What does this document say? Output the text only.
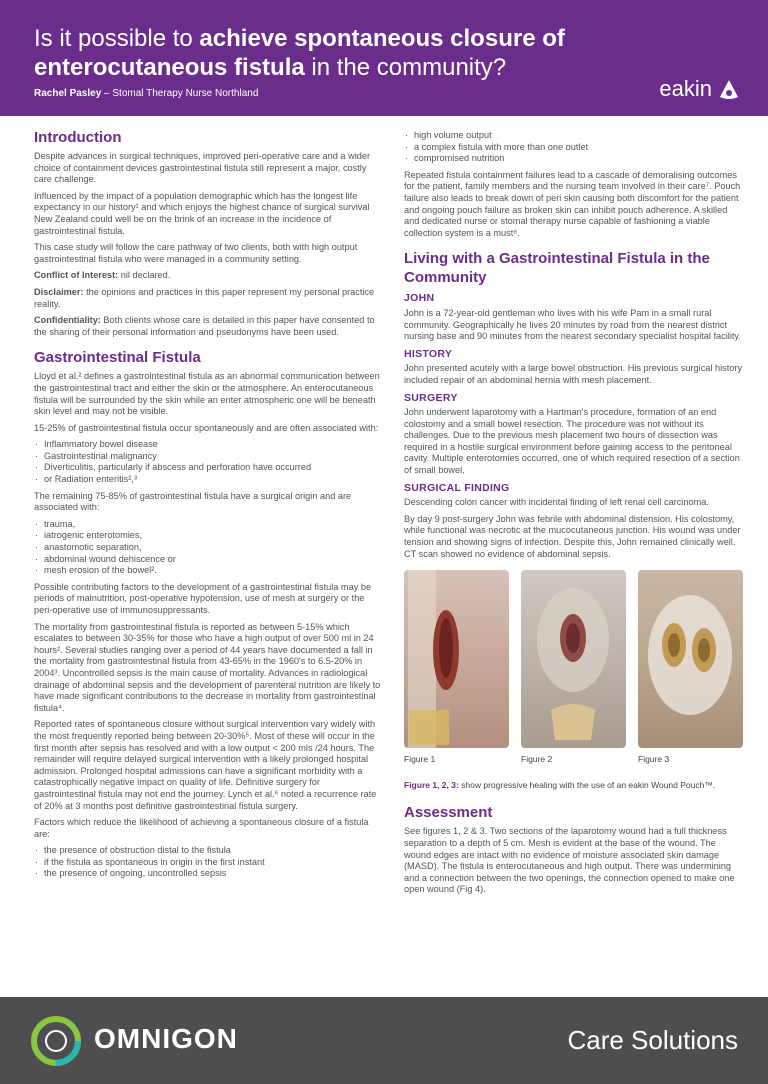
Is it possible to achieve spontaneous closure of enterocutaneous fistula in the community?
Rachel Pasley – Stomal Therapy Nurse Northland	eakin
Introduction

Despite advances in surgical techniques, improved peri-operative care and a wider choice of containment devices gastrointestinal fistula still represent a major, costly care challenge.

Influenced by the impact of a population demographic which has the longest life expectancy in our history¹ and which enjoys the highest chance of surgical survival New Zealand could well be on the brink of an increase in the incidence of gastrointestinal fistula.

This case study will follow the care pathway of two clients, both with high output gastrointestinal fistula who were managed in a community setting.

Conflict of Interest: nil declared.

Disclaimer: the opinions and practices in this paper represent my personal practice reality.

Confidentiality: Both clients whose care is detailed in this paper have consented to the sharing of their personal information and pseudonyms have been used.

Gastrointestinal Fistula

Lloyd et al.² defines a gastrointestinal fistula as an abnormal communication between the gastrointestinal tract and either the skin or the atmosphere. An enterocutaneous fistula will be surrounded by the skin while an enter atmospheric one will be beneath skin level and may not be visible.

15-25% of gastrointestinal fistula occur spontaneously and are often associated with:

· Inflammatory bowel disease
· Gastrointestinal malignancy
· Diverticulitis, particularly if abscess and perforation have occurred
· or Radiation enteritis²,³

The remaining 75-85% of gastrointestinal fistula have a surgical origin and are associated with:

· trauma,
· iatrogenic enterotomies,
· anastomotic separation,
· abdominal wound dehiscence or
· mesh erosion of the bowel².

Possible contributing factors to the development of a gastrointestinal fistula may be periods of malnutrition, post-operative hypotension, use of mesh at surgery or the peri-operative use of immunosuppressants.

The mortality from gastrointestinal fistula is reported as between 5-15% which escalates to between 30-35% for those who have a high output of over 500 ml in 24 hours². Several studies ranging over a period of 44 years have documented a fall in the mortality from gastrointestinal fistula from 43-65% in the 1960's to 6.5-20% in 2004³. Uncontrolled sepsis is the main cause of mortality. Advances in radiological drainage of abdominal sepsis and the development of parenteral nutrition are likely to have made significant contributions to the decrease in mortality from gastrointestinal fistula⁴.

Reported rates of spontaneous closure without surgical intervention vary widely with the most frequently reported being between 20-30%⁵. Most of these will occur in the first month after sepsis has resolved and with a low output < 200 mls /24 hours. The remainder will require delayed surgical intervention with a likely prolonged hospital admission. Prolonged hospital admissions can have a significant morbidity with a catastrophically negative impact on quality of life. Definitive surgery for gastrointestinal fistula may not end the journey. Lynch et al.⁶ noted a recurrence rate of 20% at 3 months post definitive gastrointestinal fistula surgery.

Factors which reduce the likelihood of achieving a spontaneous closure of a fistula are:

· the presence of obstruction distal to the fistula
· if the fistula as spontaneous in origin in the first instant
· the presence of ongoing, uncontrolled sepsis
· high volume output
· a complex fistula with more than one outlet
· compromised nutrition

Repeated fistula containment failures lead to a cascade of demoralising outcomes for the patient, family members and the nursing team involved in their care⁷. Pouch failure also leads to break down of peri skin causing both discomfort for the patient and ongoing pouch failure as broken skin can inhibit pouch adherence. A skilled and dedicated nurse or stomal therapy nurse capable of fashioning a viable collection system is a must⁸.

Living with a Gastrointestinal Fistula in the Community
JOHN

John is a 72-year-old gentleman who lives with his wife Pam in a small rural community. Geographically he lives 20 minutes by road from the nearest district nursing base and 90 minutes from the nearest secondary specialist hospital facility.

HISTORY

John presented acutely with a large bowel obstruction. His previous surgical history included repair of an abdominal hernia with mesh placement.

SURGERY

John underwent laparotomy with a Hartman's procedure, formation of an end colostomy and a small bowel resection. The procedure was not without its challenges. Due to the previous mesh placement two hours of dissection was required in a hostile surgical environment before gaining access to the peritoneal cavity. Multiple enterotomies occurred, one of which required resection of a section of small bowel.

SURGICAL FINDING

Descending colon cancer with incidental finding of left renal cell carcinoma.

By day 9 post-surgery John was febrile with abdominal distension. His colostomy, while functional was necrotic at the mucocutaneous junction. His wound was under tension and showing signs of infection. Despite this, John remained clinically well. CT scan showed no evidence of abdominal sepsis.

Figure 1	Figure 2	Figure 3
Figure 1, 2, 3: show progressive healing with the use of an eakin Wound Pouch™.
Assessment

See figures 1, 2 & 3. Two sections of the laparotomy wound had a full thickness separation to a depth of 5 cm. Mesh is evident at the base of the wound. The wound edges are intact with no evidence of moisture associated skin damage (MASD). The fistula is enterocutaneous and high output. There was undermining and a connection between the two openings, the connection opened to make one open wound (Fig 4).

OMNIGON	Care Solutions
